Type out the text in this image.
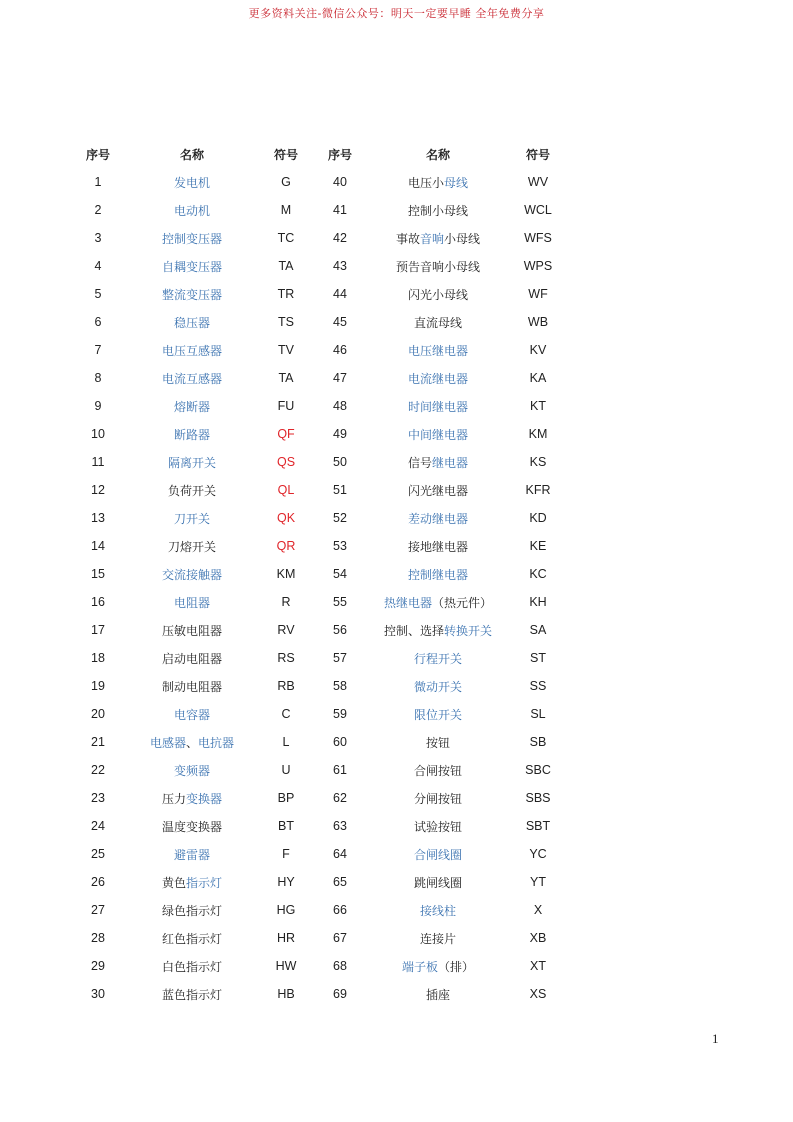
更多资料关注-微信公众号：明天一定要早睡 全年免费分享
序号	名称	符号	序号	名称	符号
1	发电机	G	40	电压小母线	WV
2	电动机	M	41	控制小母线	WCL
3	控制变压器	TC	42	事故音响小母线	WFS
4	自耦变压器	TA	43	预告音响小母线	WPS
5	整流变压器	TR	44	闪光小母线	WF
6	稳压器	TS	45	直流母线	WB
7	电压互感器	TV	46	电压继电器	KV
8	电流互感器	TA	47	电流继电器	KA
9	熔断器	FU	48	时间继电器	KT
10	断路器	QF	49	中间继电器	KM
11	隔离开关	QS	50	信号继电器	KS
12	负荷开关	QL	51	闪光继电器	KFR
13	刀开关	QK	52	差动继电器	KD
14	刀熔开关	QR	53	接地继电器	KE
15	交流接触器	KM	54	控制继电器	KC
16	电阻器	R	55	热继电器（热元件）	KH
17	压敏电阻器	RV	56	控制、选择转换开关	SA
18	启动电阻器	RS	57	行程开关	ST
19	制动电阻器	RB	58	微动开关	SS
20	电容器	C	59	限位开关	SL
21	电感器、电抗器	L	60	按钮	SB
22	变频器	U	61	合闸按钮	SBC
23	压力变换器	BP	62	分闸按钮	SBS
24	温度变换器	BT	63	试验按钮	SBT
25	避雷器	F	64	合闸线圈	YC
26	黄色指示灯	HY	65	跳闸线圈	YT
27	绿色指示灯	HG	66	接线柱	X
28	红色指示灯	HR	67	连接片	XB
29	白色指示灯	HW	68	端子板（排）	XT
30	蓝色指示灯	HB	69	插座	XS
1
